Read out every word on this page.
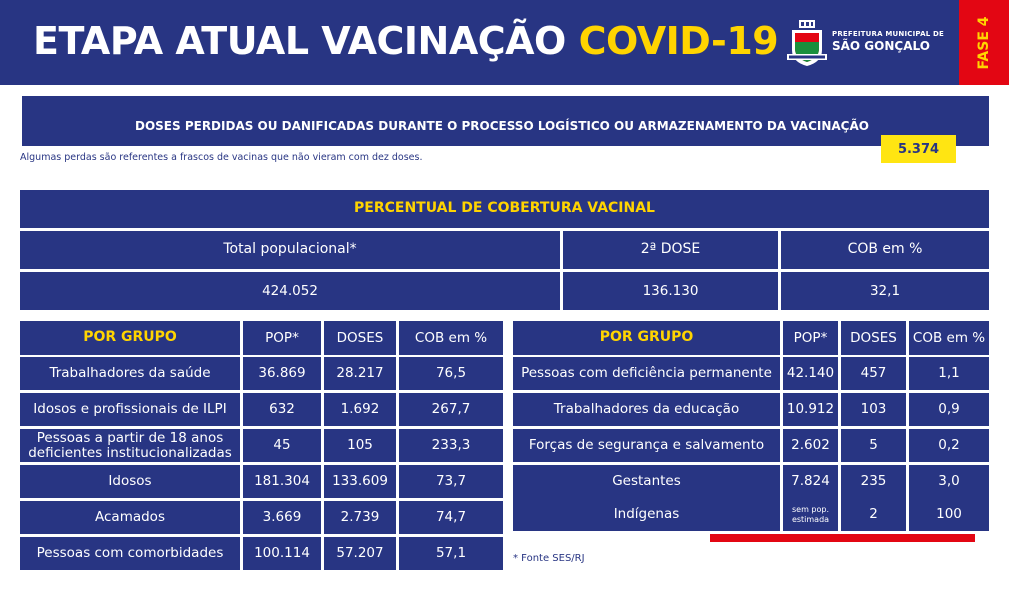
ETAPA ATUAL VACINAÇÃO COVID-19	PREFEITURA MUNICIPAL DE
SÃO GONÇALO	FASE 4
DOSES PERDIDAS OU DANIFICADAS DURANTE O PROCESSO LOGÍSTICO OU ARMAZENAMENTO DA VACINAÇÃO
5.374
Algumas perdas são referentes a frascos de vacinas que não vieram com dez doses.
PERCENTUAL DE COBERTURA VACINAL
Total populacional*	2ª DOSE	COB em %
424.052	136.130	32,1
POR GRUPO	POP*	DOSES	COB em %
Trabalhadores da saúde	36.869	28.217	76,5
Idosos e profissionais de ILPI	632	1.692	267,7
Pessoas a partir de 18 anos deficientes institucionalizadas	45	105	233,3
Idosos	181.304	133.609	73,7
Acamados	3.669	2.739	74,7
Pessoas com comorbidades	100.114	57.207	57,1
POR GRUPO	POP*	DOSES	COB em %
Pessoas com deficiência permanente	42.140	457	1,1
Trabalhadores da educação	10.912	103	0,9
Forças de segurança e salvamento	2.602	5	0,2
Gestantes	7.824	235	3,0
Indígenas	sem pop. estimada	2	100
* Fonte SES/RJ
